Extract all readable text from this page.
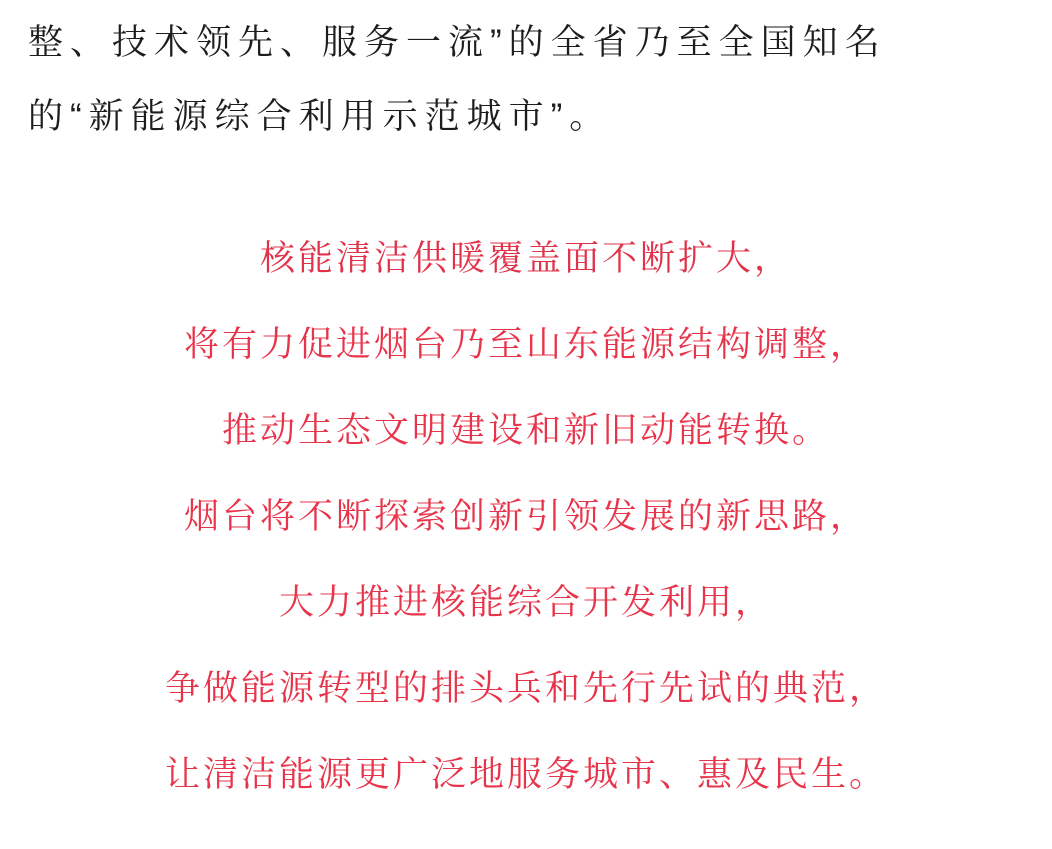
整、技术领先、服务一流”的全省乃至全国知名
的“新能源综合利用示范城市”。
核能清洁供暖覆盖面不断扩大，
将有力促进烟台乃至山东能源结构调整，
推动生态文明建设和新旧动能转换。
烟台将不断探索创新引领发展的新思路，
大力推进核能综合开发利用，
争做能源转型的排头兵和先行先试的典范，
让清洁能源更广泛地服务城市、惠及民生。
